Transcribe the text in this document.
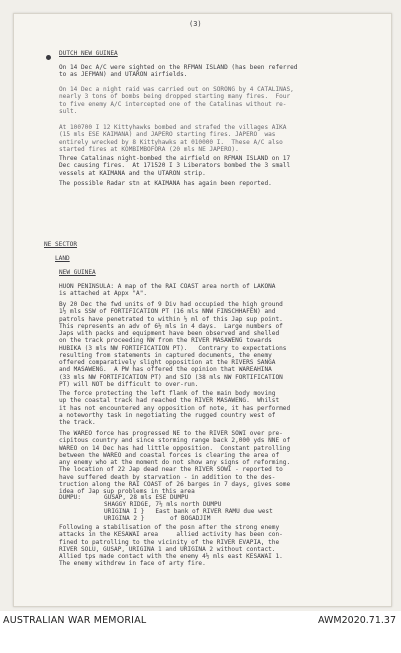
(3)

DUTCH NEW GUINEA

On 14 Dec A/C were sighted on the RFMAN ISLAND (has been referred
to as JEFMAN) and UTARON airfields.

On 14 Dec a night raid was carried out on SORONG by 4 CATALINAS,
nearly 3 tons of bombs being dropped starting many fires.  Four
to five enemy A/C intercepted one of the Catalinas without re-
sult.

At 100700 I 12 Kittyhawks bombed and strafed the villages AIKA
(15 mls ESE KAIMANA) and JAPERO starting fires. JAPERO  was
entirely wrecked by 8 Kittyhawks at 010000 I.  These A/C also
started fires at KOMBIMBOFORA (20 mls NE JAPERO).

Three Catalinas night-bombed the airfield on RFMAN ISLAND on 17
Dec causing fires.  At 171520 I 3 Liberators bombed the 3 small
vessels at KAIMANA and the UTARON strip.

The possible Radar stn at KAIMANA has again been reported.

NE SECTOR

LAND

NEW GUINEA

HUON PENINSULA: A map of the RAI COAST area north of LAKONA
is attached at Appx "A".

By 20 Dec the fwd units of 9 Div had occupied the high ground
1½ mls SSW of FORTIFICATION PT (16 mls NNW FINSCHHAFEN) and
patrols have penetrated to within ½ ml of this Jap sup point.
This represents an adv of 6½ mls in 4 days.  Large numbers of
Japs with packs and equipment have been observed and shelled
on the track proceeding NW from the RIVER MASAWENG towards
HUBIKA (3 mls NW FORTIFICATION PT).   Contrary to expectations
resulting from statements in captured documents, the enemy
offered comparatively slight opposition at the RIVERS SANGA
and MASAWENG.  A PW has offered the opinion that WAREAHINA
(33 mls NW FORTIFICATION PT) and SIO (38 mls NW FORTIFICATION
PT) will NOT be difficult to over-run.

The force protecting the left flank of the main body moving
up the coastal track had reached the RIVER MASAWENG.  Whilst
it has not encountered any opposition of note, it has performed
a noteworthy task in negotiating the rugged country west of
the track.

The WAREO force has progressed NE to the RIVER SOWI over pre-
cipitous country and since storming range back 2,000 yds NNE of
WAREO on 14 Dec has had little opposition.  Constant patrolling
between the WAREO and coastal forces is clearing the area of
any enemy who at the moment do not show any signs of reforming.
The location of 22 Jap dead near the RIVER SOWI - reported to
have suffered death by starvation - in addition to the des-
truction along the RAI COAST of 26 barges in 7 days, gives some
idea of Jap sup problems in this area

DUMPU:	GUSAP, 28 mls ESE DUMPU

SHAGGY RIDGE, 7½ mls north DUMPU

URIGINA I }   East bank of RIVER RAMU due west

URIGINA 2 }       of BOGADJIM

Following a stabilisation of the posn after the strong enemy
attacks in the KESAWAI area     allied activity has been con-
fined to patrolling to the vicinity of the RIVER EVAPIA, the
RIVER SOLU, GUSAP, URIGINA 1 and URIGINA 2 without contact.
Allied tps made contact with the enemy 4½ mls east KESAWAI 1.
The enemy withdrew in face of arty fire.

AUSTRALIAN WAR MEMORIAL	AWM2020.71.37
